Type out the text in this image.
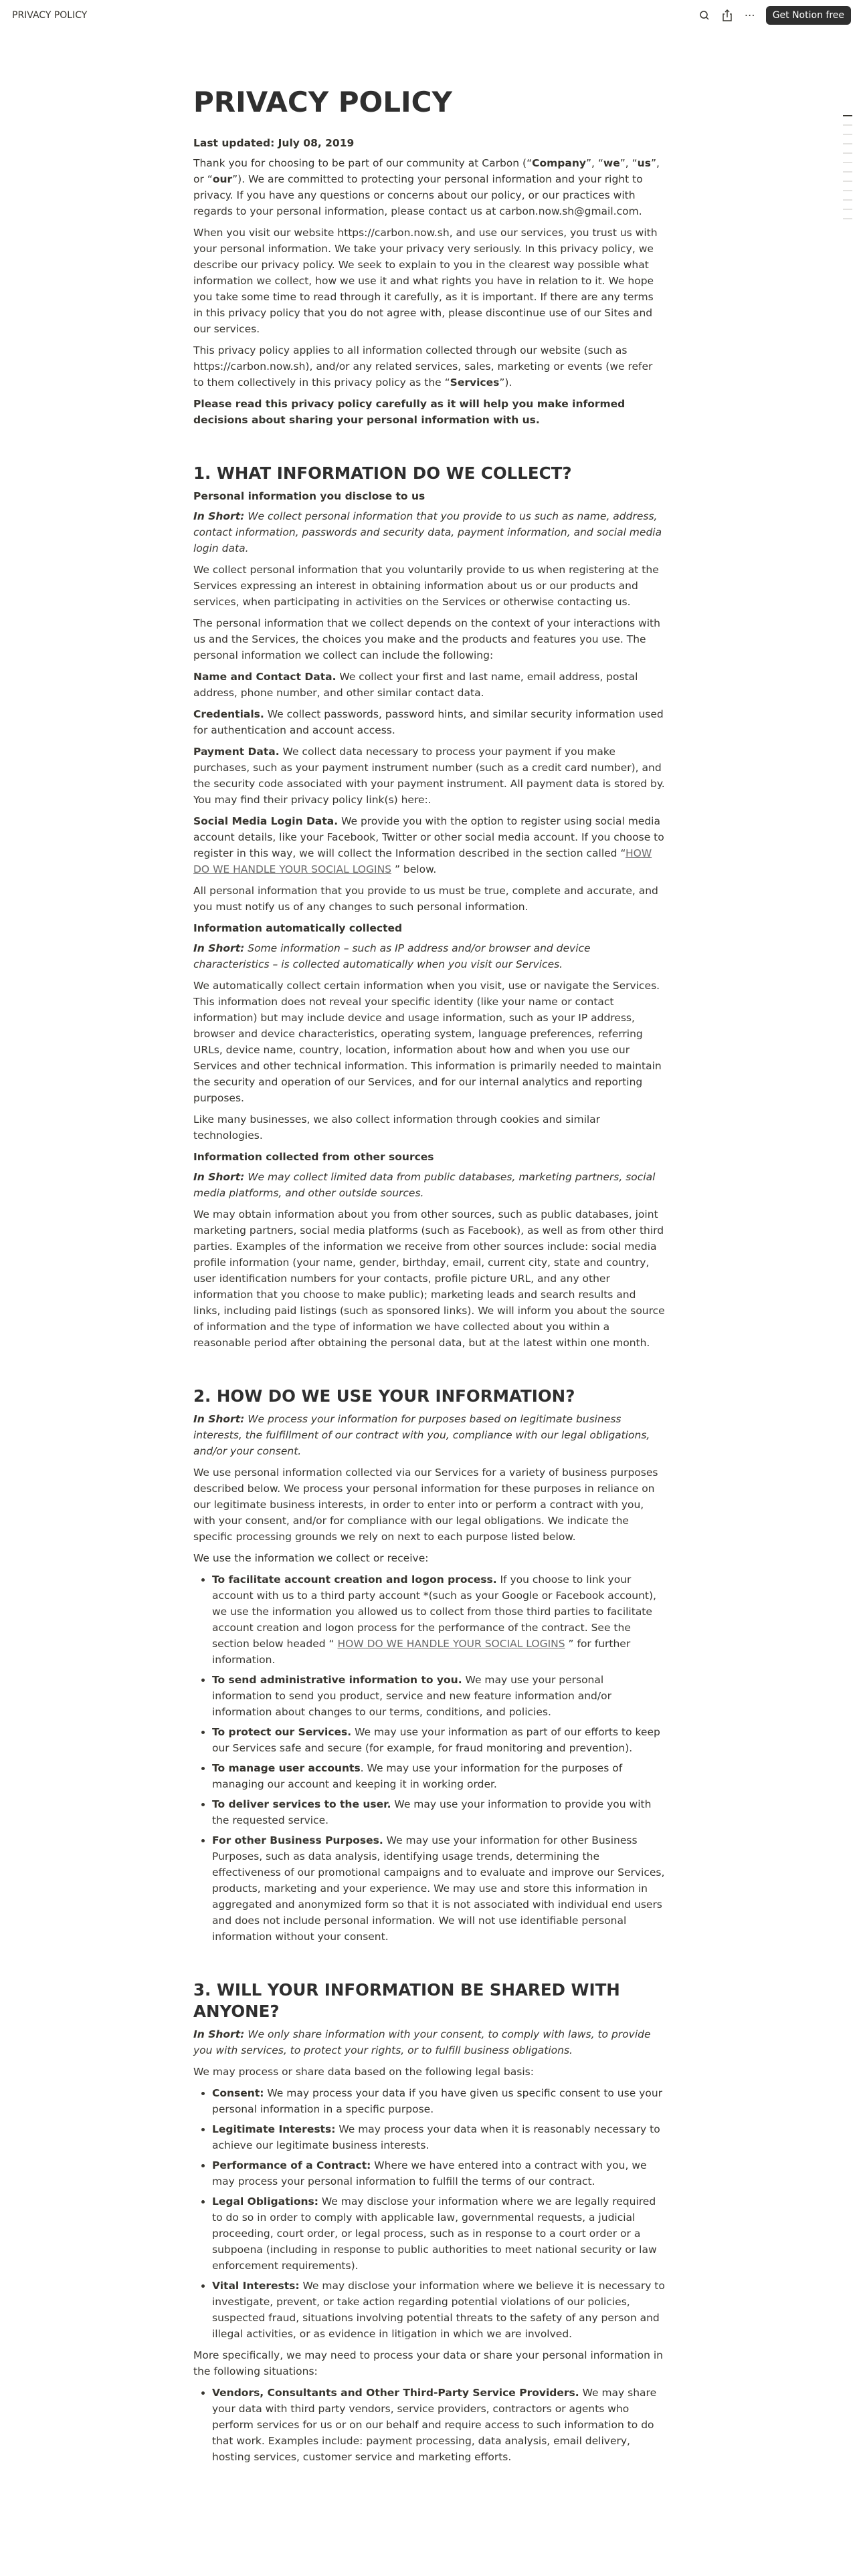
PRIVACY POLICY	⋯	Get Notion free
PRIVACY POLICY
Last updated: July 08, 2019

Thank you for choosing to be part of our community at Carbon (“Company”, “we”, “us”, or “our”). We are committed to protecting your personal information and your right to privacy. If you have any questions or concerns about our policy, or our practices with regards to your personal information, please contact us at carbon.now.sh@gmail.com.

When you visit our website https://carbon.now.sh, and use our services, you trust us with your personal information. We take your privacy very seriously. In this privacy policy, we describe our privacy policy. We seek to explain to you in the clearest way possible what information we collect, how we use it and what rights you have in relation to it. We hope you take some time to read through it carefully, as it is important. If there are any terms in this privacy policy that you do not agree with, please discontinue use of our Sites and our services.

This privacy policy applies to all information collected through our website (such as https://carbon.now.sh), and/or any related services, sales, marketing or events (we refer to them collectively in this privacy policy as the “Services”).

Please read this privacy policy carefully as it will help you make informed decisions about sharing your personal information with us.

1. WHAT INFORMATION DO WE COLLECT?
Personal information you disclose to us

In Short: We collect personal information that you provide to us such as name, address, contact information, passwords and security data, payment information, and social media login data.

We collect personal information that you voluntarily provide to us when registering at the Services expressing an interest in obtaining information about us or our products and services, when participating in activities on the Services or otherwise contacting us.

The personal information that we collect depends on the context of your interactions with us and the Services, the choices you make and the products and features you use. The personal information we collect can include the following:

Name and Contact Data. We collect your first and last name, email address, postal address, phone number, and other similar contact data.

Credentials. We collect passwords, password hints, and similar security information used for authentication and account access.

Payment Data. We collect data necessary to process your payment if you make purchases, such as your payment instrument number (such as a credit card number), and the security code associated with your payment instrument. All payment data is stored by. You may find their privacy policy link(s) here:.

Social Media Login Data. We provide you with the option to register using social media account details, like your Facebook, Twitter or other social media account. If you choose to register in this way, we will collect the Information described in the section called “HOW DO WE HANDLE YOUR SOCIAL LOGINS ” below.

All personal information that you provide to us must be true, complete and accurate, and you must notify us of any changes to such personal information.

Information automatically collected

In Short: Some information – such as IP address and/or browser and device characteristics – is collected automatically when you visit our Services.

We automatically collect certain information when you visit, use or navigate the Services. This information does not reveal your specific identity (like your name or contact information) but may include device and usage information, such as your IP address, browser and device characteristics, operating system, language preferences, referring URLs, device name, country, location, information about how and when you use our Services and other technical information. This information is primarily needed to maintain the security and operation of our Services, and for our internal analytics and reporting purposes.

Like many businesses, we also collect information through cookies and similar technologies.

Information collected from other sources

In Short: We may collect limited data from public databases, marketing partners, social media platforms, and other outside sources.

We may obtain information about you from other sources, such as public databases, joint marketing partners, social media platforms (such as Facebook), as well as from other third parties. Examples of the information we receive from other sources include: social media profile information (your name, gender, birthday, email, current city, state and country, user identification numbers for your contacts, profile picture URL, and any other information that you choose to make public); marketing leads and search results and links, including paid listings (such as sponsored links). We will inform you about the source of information and the type of information we have collected about you within a reasonable period after obtaining the personal data, but at the latest within one month.

2. HOW DO WE USE YOUR INFORMATION?

In Short: We process your information for purposes based on legitimate business interests, the fulfillment of our contract with you, compliance with our legal obligations, and/or your consent.

We use personal information collected via our Services for a variety of business purposes described below. We process your personal information for these purposes in reliance on our legitimate business interests, in order to enter into or perform a contract with you, with your consent, and/or for compliance with our legal obligations. We indicate the specific processing grounds we rely on next to each purpose listed below.

We use the information we collect or receive:

• To facilitate account creation and logon process. If you choose to link your account with us to a third party account *(such as your Google or Facebook account), we use the information you allowed us to collect from those third parties to facilitate account creation and logon process for the performance of the contract. See the section below headed “ HOW DO WE HANDLE YOUR SOCIAL LOGINS ” for further information.
• To send administrative information to you. We may use your personal information to send you product, service and new feature information and/or information about changes to our terms, conditions, and policies.
• To protect our Services. We may use your information as part of our efforts to keep our Services safe and secure (for example, for fraud monitoring and prevention).
• To manage user accounts. We may use your information for the purposes of managing our account and keeping it in working order.
• To deliver services to the user. We may use your information to provide you with the requested service.
• For other Business Purposes. We may use your information for other Business Purposes, such as data analysis, identifying usage trends, determining the effectiveness of our promotional campaigns and to evaluate and improve our Services, products, marketing and your experience. We may use and store this information in aggregated and anonymized form so that it is not associated with individual end users and does not include personal information. We will not use identifiable personal information without your consent.
3. WILL YOUR INFORMATION BE SHARED WITH ANYONE?

In Short: We only share information with your consent, to comply with laws, to provide you with services, to protect your rights, or to fulfill business obligations.

We may process or share data based on the following legal basis:

• Consent: We may process your data if you have given us specific consent to use your personal information in a specific purpose.
• Legitimate Interests: We may process your data when it is reasonably necessary to achieve our legitimate business interests.
• Performance of a Contract: Where we have entered into a contract with you, we may process your personal information to fulfill the terms of our contract.
• Legal Obligations: We may disclose your information where we are legally required to do so in order to comply with applicable law, governmental requests, a judicial proceeding, court order, or legal process, such as in response to a court order or a subpoena (including in response to public authorities to meet national security or law enforcement requirements).
• Vital Interests: We may disclose your information where we believe it is necessary to investigate, prevent, or take action regarding potential violations of our policies, suspected fraud, situations involving potential threats to the safety of any person and illegal activities, or as evidence in litigation in which we are involved.

More specifically, we may need to process your data or share your personal information in the following situations:

• Vendors, Consultants and Other Third-Party Service Providers. We may share your data with third party vendors, service providers, contractors or agents who perform services for us or on our behalf and require access to such information to do that work. Examples include: payment processing, data analysis, email delivery, hosting services, customer service and marketing efforts.
